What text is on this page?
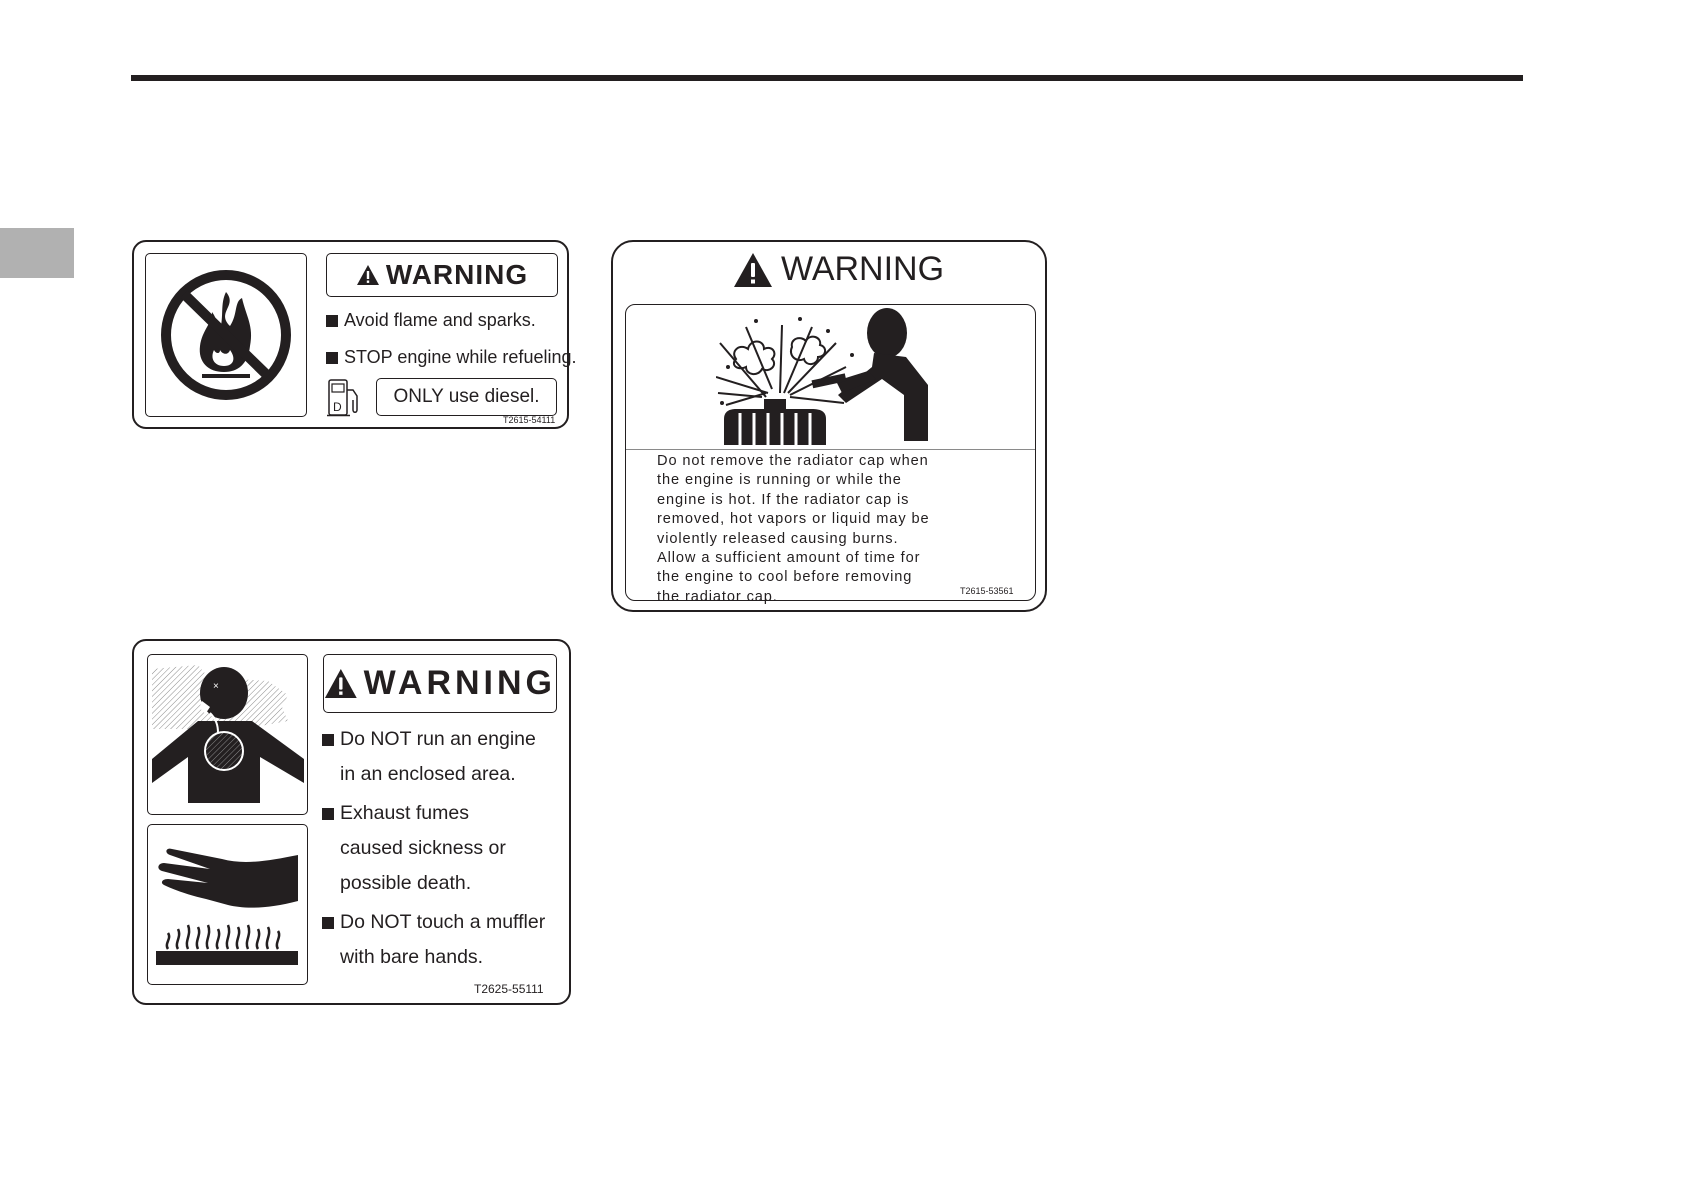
WARNING
Avoid flame and sparks.
STOP engine while refueling.
D	ONLY use diesel.
T2615-54111
WARNING
Do not remove the radiator cap when
the engine is running or while the
engine is hot. If the radiator cap is
removed, hot vapors or liquid may be
violently released causing burns.
Allow a sufficient amount of time for
the engine to cool before removing
the radiator cap.	T2615-53561
×	WARNING
Do NOT run an engine
in an enclosed area.
Exhaust fumes
caused sickness or
possible death.
Do NOT touch a muffler
with bare hands.
T2625-55111
